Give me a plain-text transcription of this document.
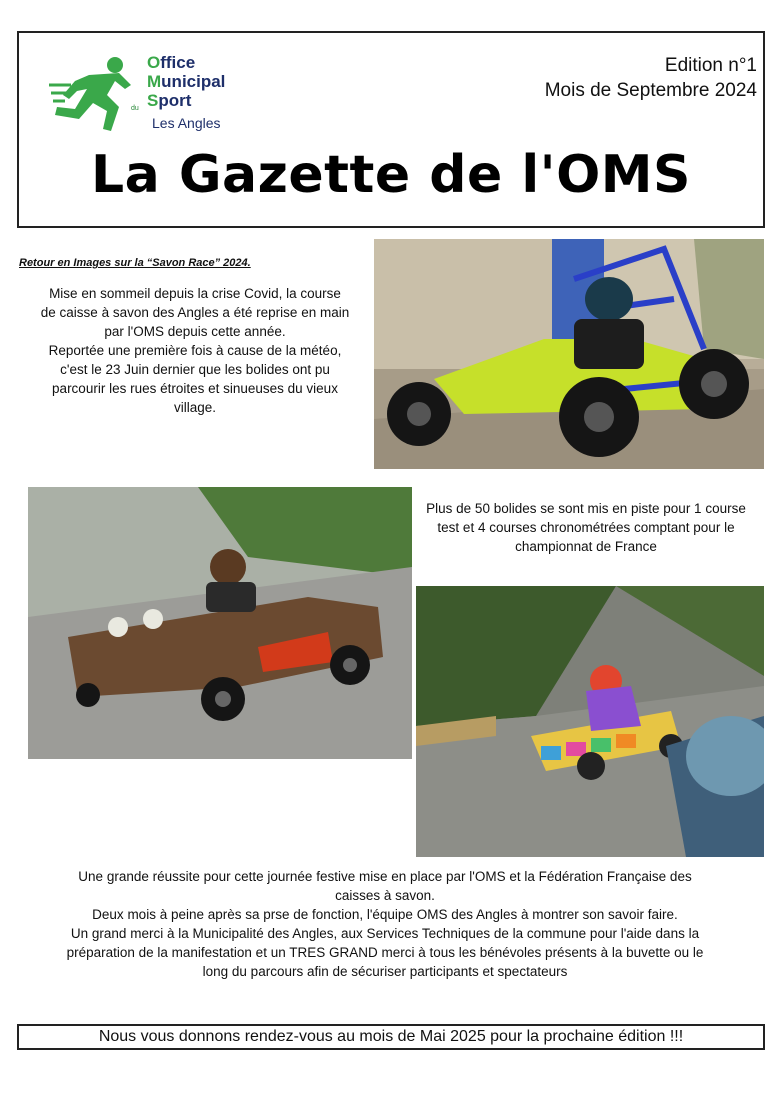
du
Office
Municipal
Sport
Les Angles
Edition n°1
Mois de Septembre 2024
La Gazette de l'OMS
Retour en Images sur la “Savon Race” 2024.

Mise en sommeil depuis la crise Covid, la course de caisse à savon des Angles a été reprise en main par l'OMS depuis cette année.

Reportée une première fois à cause de la météo, c'est le 23 Juin dernier que les bolides ont pu parcourir les rues étroites et sinueuses du vieux village.

Plus de 50 bolides se sont mis en piste pour 1 course test et 4 courses chronométrées comptant pour le championnat de France

Une grande réussite pour cette journée festive mise en place par l'OMS et la Fédération Française des caisses à savon.

Deux mois à peine après sa prse de fonction, l'équipe OMS des Angles à montrer son savoir faire.

Un grand merci à la Municipalité des Angles, aux Services Techniques de la commune pour l'aide dans la préparation de la manifestation et un TRES GRAND merci à tous les bénévoles présents à la buvette ou le long du parcours afin de sécuriser participants et spectateurs

Nous vous donnons rendez-vous au mois de Mai 2025 pour la prochaine édition !!!
